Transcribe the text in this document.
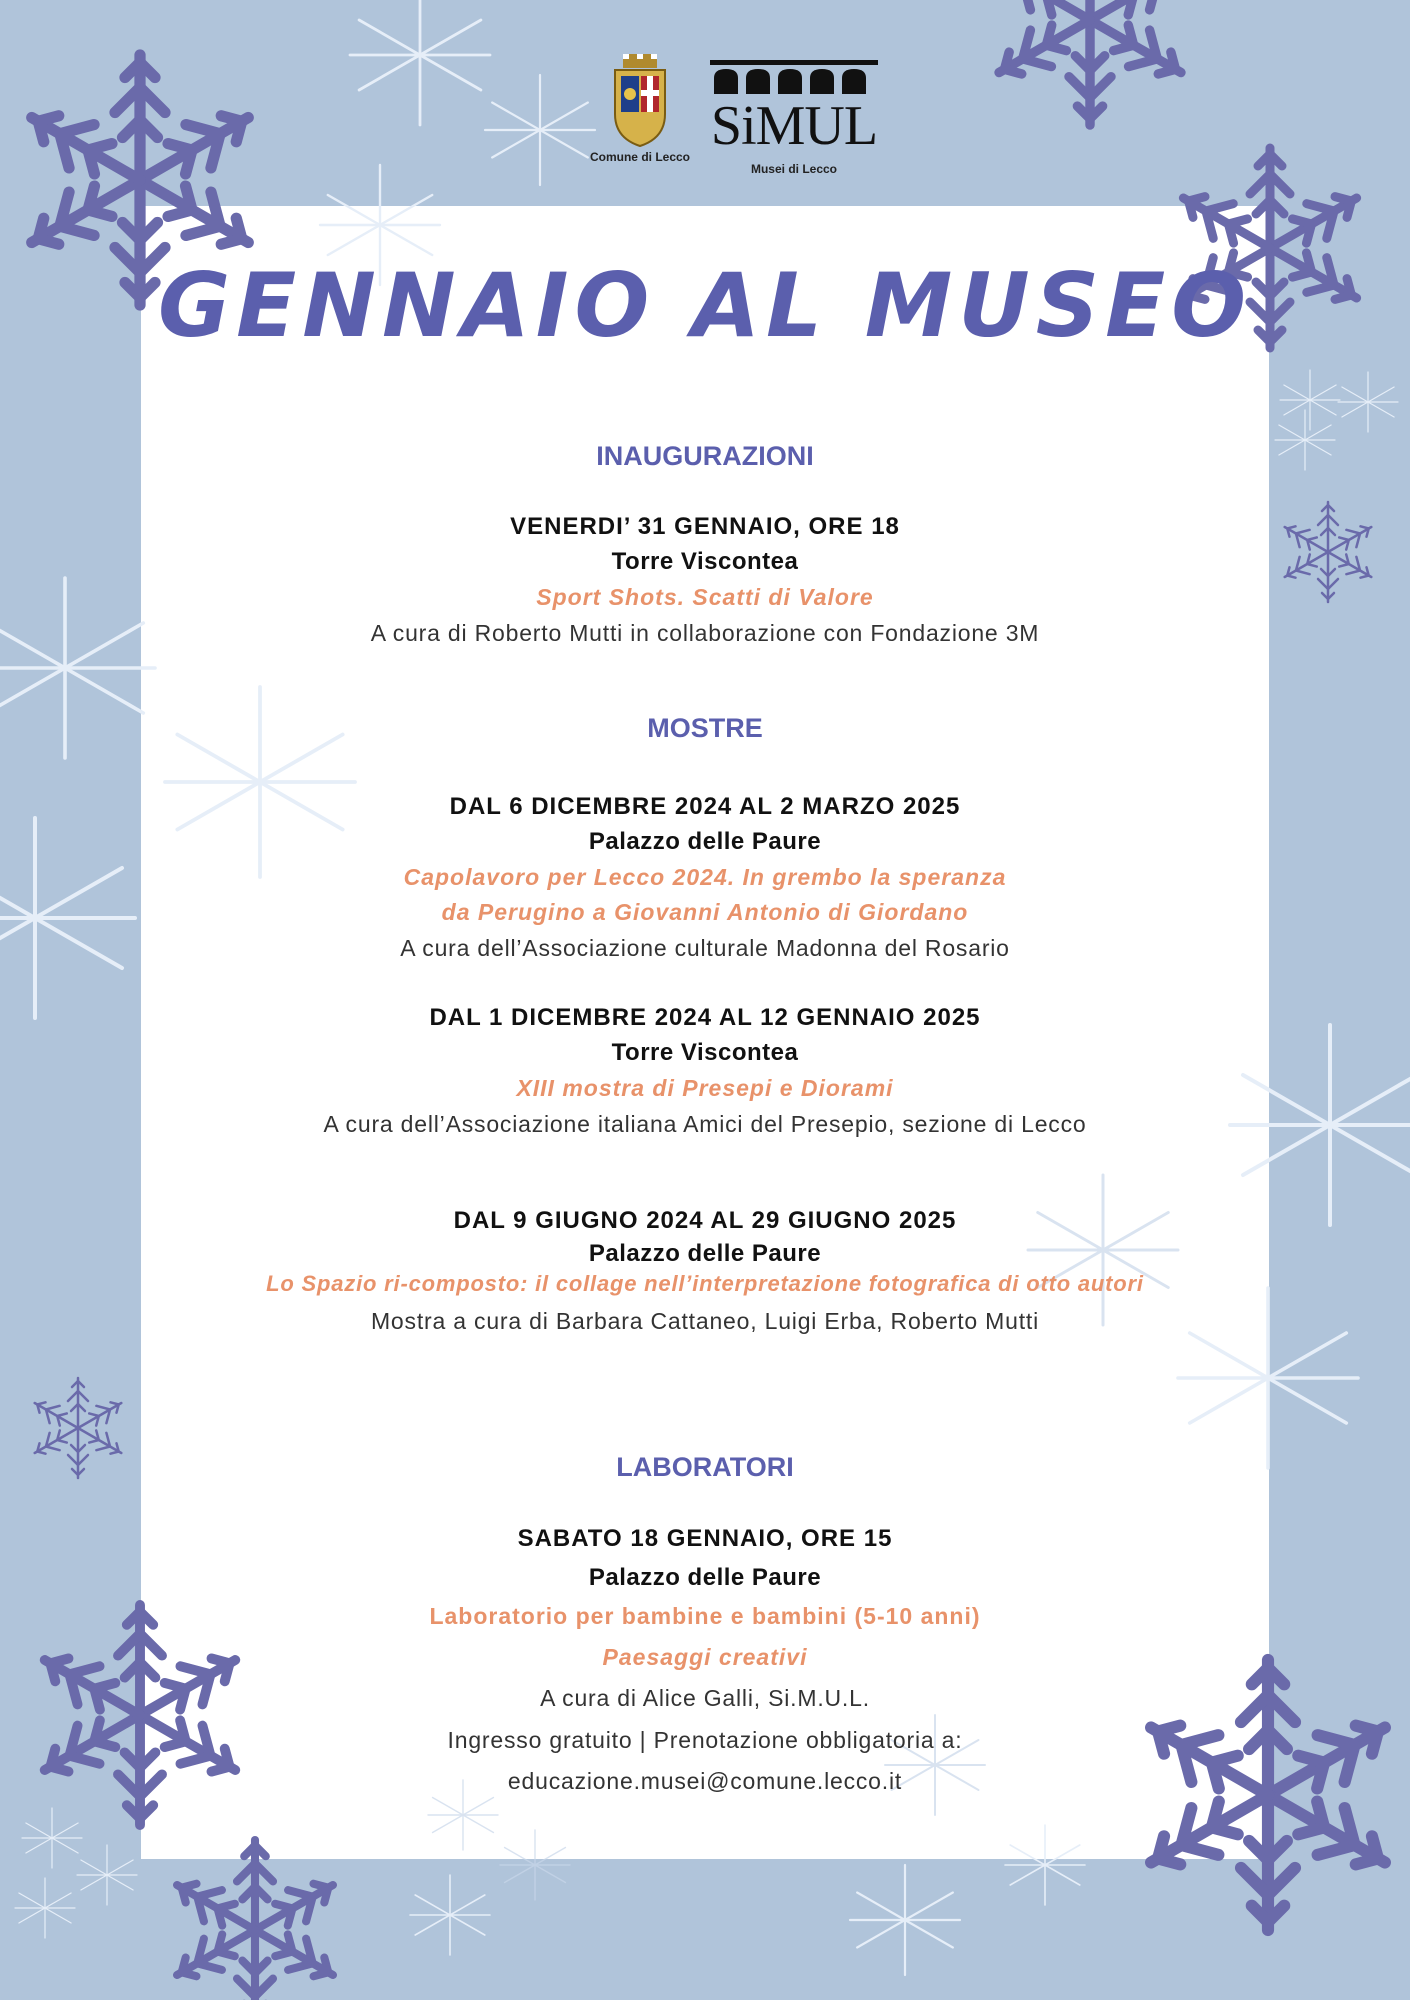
Comune di Lecco SiMUL
Musei di Lecco
GENNAIO AL MUSEO
INAUGURAZIONI
VENERDI’ 31 GENNAIO, ORE 18
Torre Viscontea
Sport Shots. Scatti di Valore
A cura di Roberto Mutti in collaborazione con Fondazione 3M
MOSTRE
DAL 6 DICEMBRE 2024 AL 2 MARZO 2025
Palazzo delle Paure
Capolavoro per Lecco 2024. In grembo la speranza
da Perugino a Giovanni Antonio di Giordano
A cura dell’Associazione culturale Madonna del Rosario
DAL 1 DICEMBRE 2024 AL 12 GENNAIO 2025
Torre Viscontea
XIII mostra di Presepi e Diorami
A cura dell’Associazione italiana Amici del Presepio, sezione di Lecco
DAL 9 GIUGNO 2024 AL 29 GIUGNO 2025
Palazzo delle Paure
Lo Spazio ri-composto: il collage nell’interpretazione fotografica di otto autori
Mostra a cura di Barbara Cattaneo, Luigi Erba, Roberto Mutti
LABORATORI
SABATO 18 GENNAIO, ORE 15
Palazzo delle Paure
Laboratorio per bambine e bambini (5-10 anni)
Paesaggi creativi
A cura di Alice Galli, Si.M.U.L.
Ingresso gratuito | Prenotazione obbligatoria a:
educazione.musei@comune.lecco.it
